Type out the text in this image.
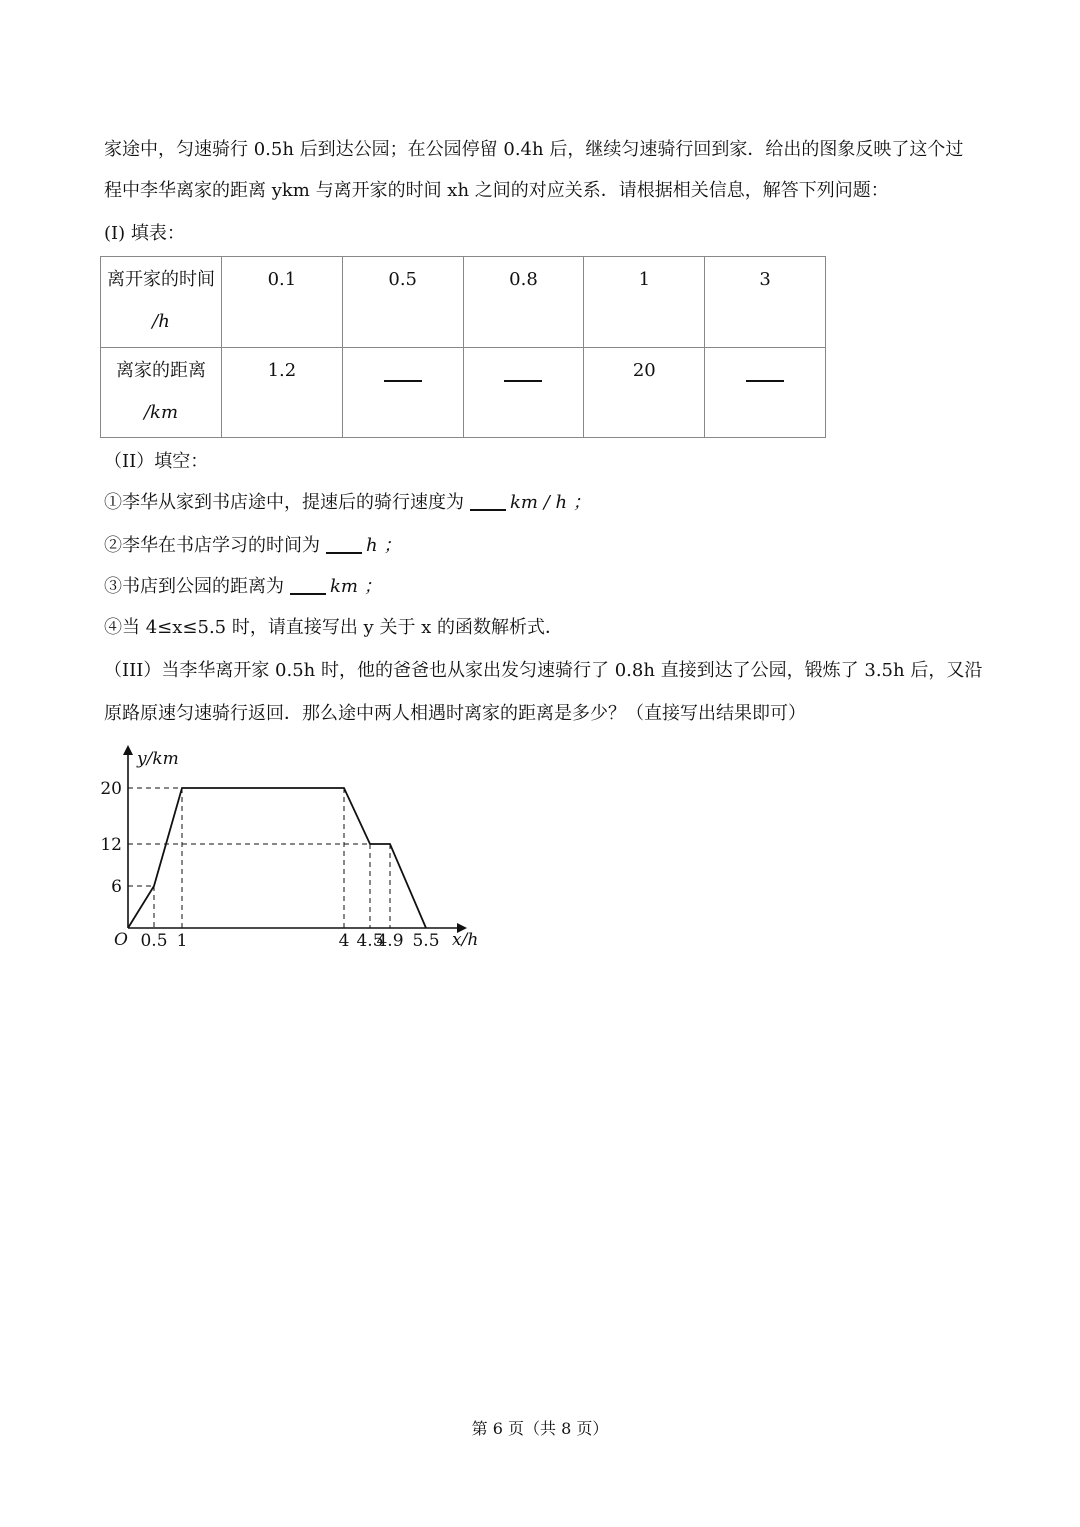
家途中，匀速骑行 0.5h 后到达公园；在公园停留 0.4h 后，继续匀速骑行回到家．给出的图象反映了这个过
程中李华离家的距离 ykm 与离开家的时间 xh 之间的对应关系．请根据相关信息，解答下列问题：
(I) 填表：
离开家的时间
/h	0.1	0.5	0.8	1	3

离家的距离
/km	1.2			20	
（II）填空：
①李华从家到书店途中，提速后的骑行速度为	km / h ；
②李华在书店学习的时间为	h ；
③书店到公园的距离为	km ；
④当 4≤x≤5.5 时，请直接写出 y 关于 x 的函数解析式．
（III）当李华离开家 0.5h 时，他的爸爸也从家出发匀速骑行了 0.8h 直接到达了公园，锻炼了 3.5h 后，又沿
原路原速匀速骑行返回．那么途中两人相遇时离家的距离是多少？（直接写出结果即可）
0.5 1	4 4.5
4.9 5.5
20
12
6
y/km
x/h
O
第 6 页（共 8 页）
